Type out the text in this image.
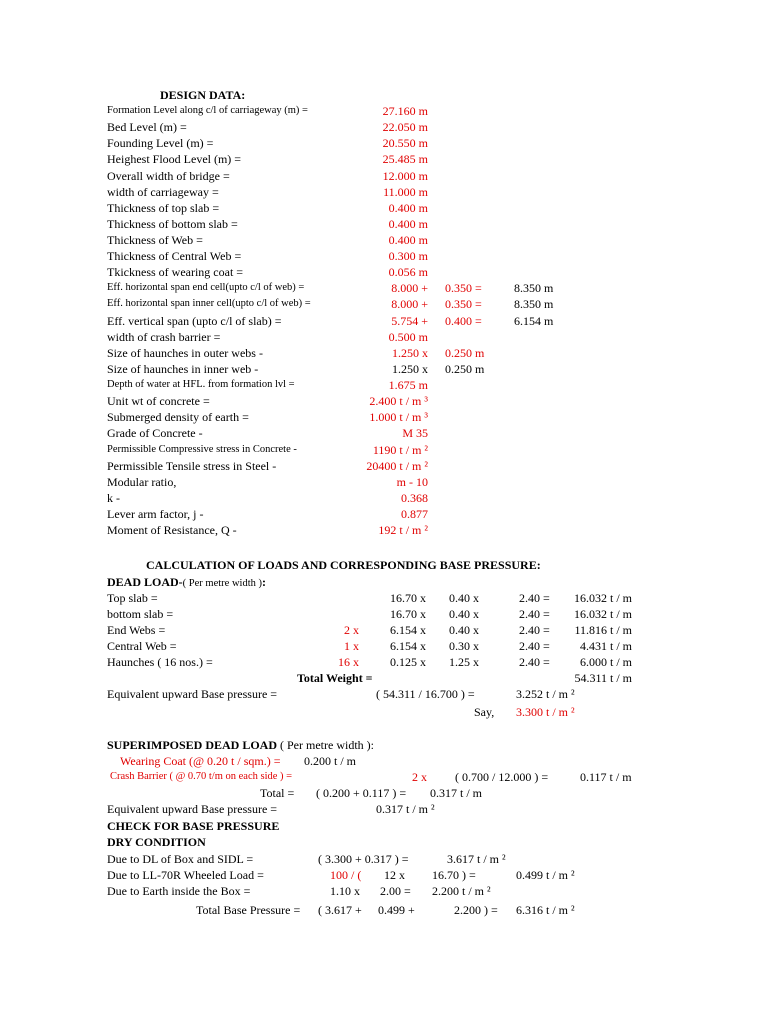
DESIGN DATA:
Formation Level along c/l of carriageway (m) =	27.160 m
Bed Level (m) =	22.050 m
Founding Level (m) =	20.550 m
Heighest Flood Level (m) =	25.485 m
Overall width of bridge =	12.000 m
width of carriageway =	11.000 m
Thickness of top slab =	0.400 m
Thickness of bottom slab =	0.400 m
Thickness of Web =	0.400 m
Thickness of Central Web =	0.300 m
Tkickness of wearing coat =	0.056 m
Eff. horizontal span end cell(upto c/l of web) =	8.000 + 0.350 =	8.350 m
Eff. horizontal span inner cell(upto c/l of web) =	8.000 + 0.350 =	8.350 m
Eff. vertical span (upto c/l of slab) =	5.754 + 0.400 =	6.154 m
width of crash barrier =	0.500 m
Size of haunches in outer webs -	1.250 x 0.250 m
Size of haunches in inner web -	1.250 x 0.250 m
Depth of water at HFL. from formation lvl =	1.675 m
Unit wt of concrete =	2.400 t / m ³
Submerged density of earth =	1.000 t / m ³
Grade of Concrete -	M 35
Permissible Compressive stress in Concrete -	1190 t / m ²
Permissible Tensile stress in Steel -	20400 t / m ²
Modular ratio,	m - 10
k -	0.368
Lever arm factor, j -	0.877
Moment of Resistance, Q -	192 t / m ²
CALCULATION OF LOADS AND CORRESPONDING BASE PRESSURE:
DEAD LOAD-( Per metre width ):
Top slab =	16.70 x 0.40 x	2.40 = 16.032 t / m
bottom slab =	16.70 x 0.40 x	2.40 = 16.032 t / m
End Webs =	2 x	6.154 x 0.40 x	2.40 = 11.816 t / m
Central Web =	1 x	6.154 x 0.30 x	2.40 =	4.431 t / m
Haunches ( 16 nos.) =	16 x	0.125 x 1.25 x	2.40 =	6.000 t / m
Total Weight =	54.311 t / m
Equivalent upward Base pressure =	( 54.311 / 16.700 ) =	3.252 t / m ²
Say, 3.300 t / m ²
SUPERIMPOSED DEAD LOAD ( Per metre width ):
Wearing Coat (@ 0.20 t / sqm.) = 0.200 t / m
Crash Barrier ( @ 0.70 t/m on each side ) =	2 x ( 0.700 / 12.000 ) =	0.117 t / m
Total = ( 0.200 + 0.117 ) = 0.317 t / m
Equivalent upward Base pressure =	0.317 t / m ²
CHECK FOR BASE PRESSURE
DRY CONDITION
Due to DL of Box and SIDL =	( 3.300 + 0.317 ) =	3.617 t / m ²
Due to LL-70R Wheeled Load =	100 / ( 12 x 16.70 ) =	0.499 t / m ²
Due to Earth inside the Box =	1.10 x 2.00 = 2.200 t / m ²
Total Base Pressure = ( 3.617 + 0.499 +	2.200 ) = 6.316 t / m ²
